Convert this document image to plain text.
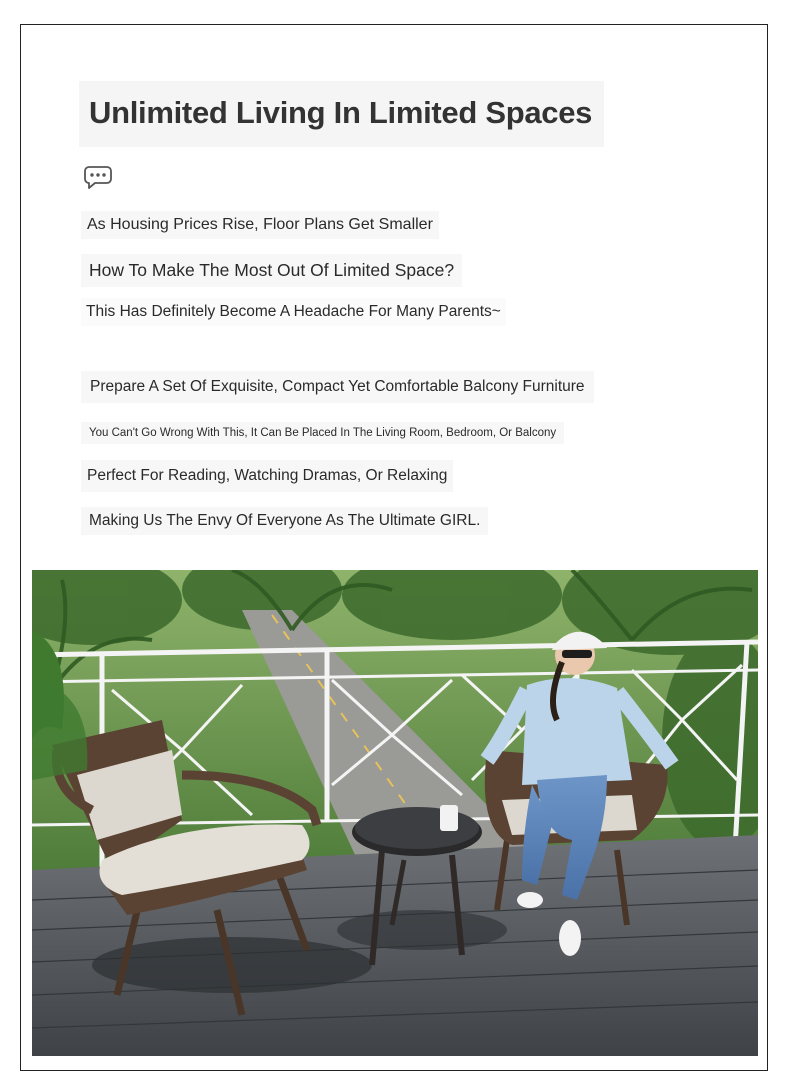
Unlimited Living In Limited Spaces
As Housing Prices Rise, Floor Plans Get Smaller
How To Make The Most Out Of Limited Space?
This Has Definitely Become A Headache For Many Parents~
Prepare A Set Of Exquisite, Compact Yet Comfortable Balcony Furniture
You Can't Go Wrong With This, It Can Be Placed In The Living Room, Bedroom, Or Balcony
Perfect For Reading, Watching Dramas, Or Relaxing
Making Us The Envy Of Everyone As The Ultimate GIRL.
